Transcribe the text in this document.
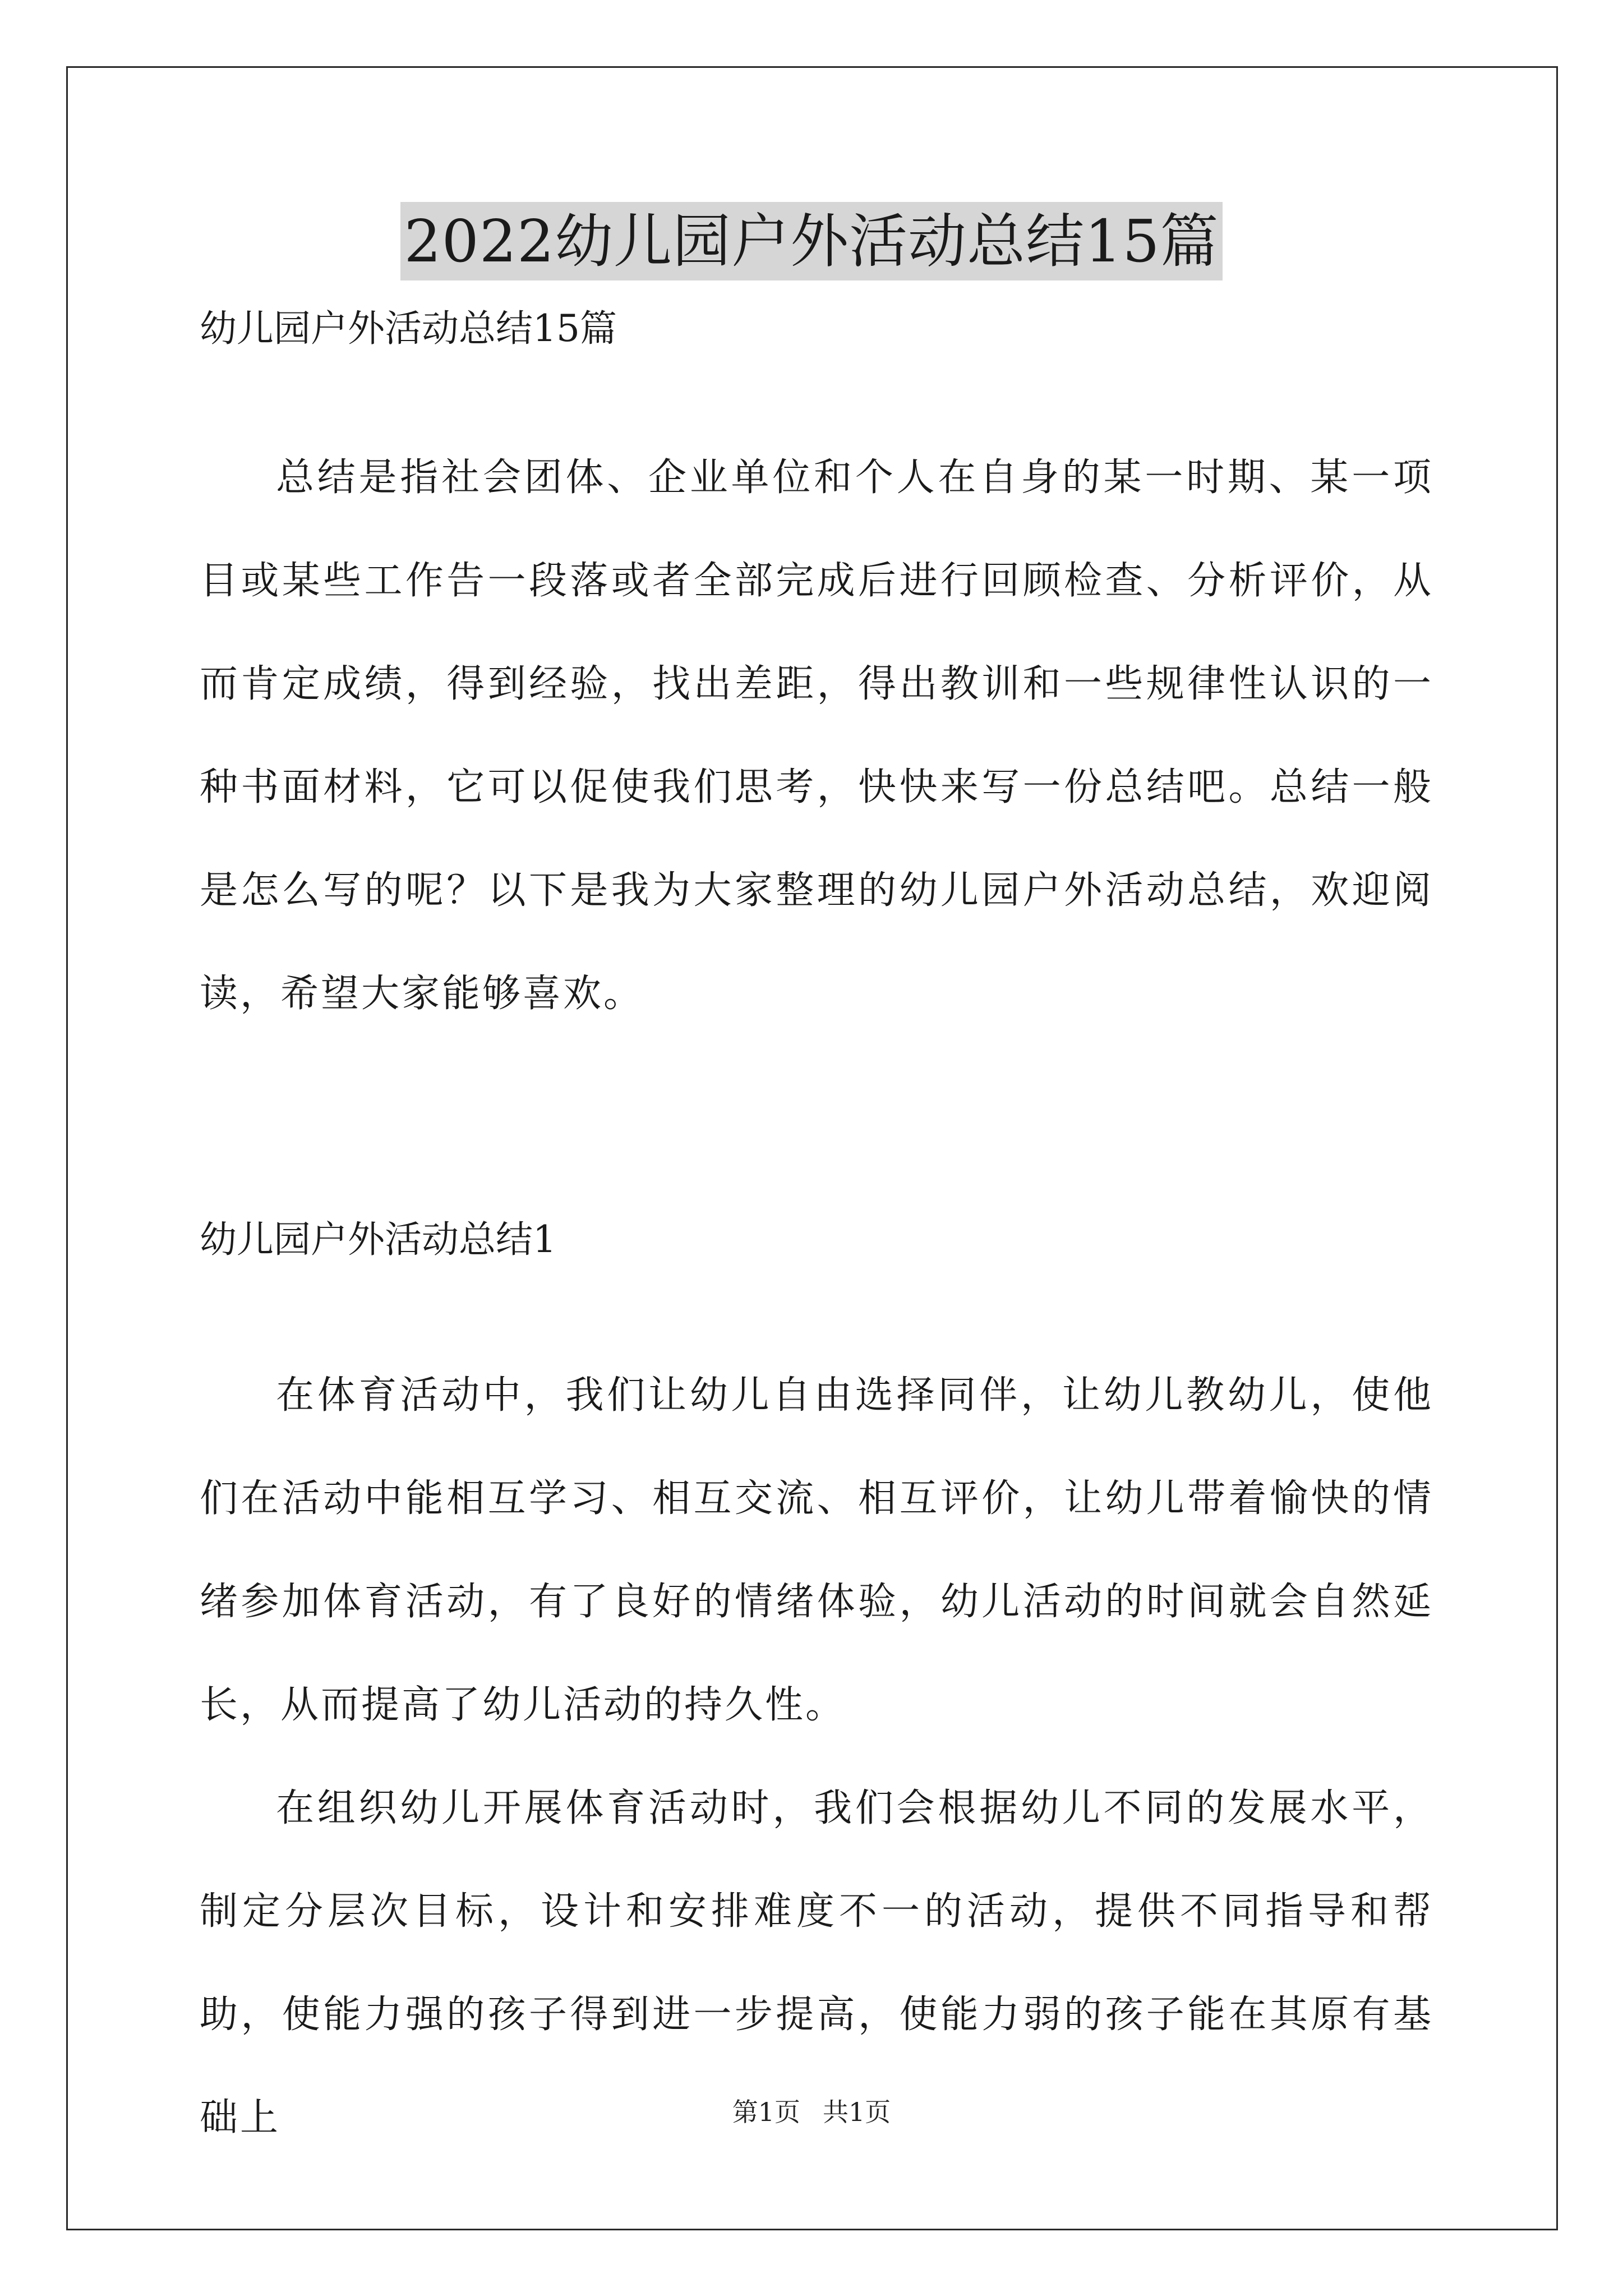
2022幼儿园户外活动总结15篇

幼儿园户外活动总结15篇

总结是指社会团体、企业单位和个人在自身的某一时期、某一项目或某些工作告一段落或者全部完成后进行回顾检查、分析评价，从而肯定成绩，得到经验，找出差距，得出教训和一些规律性认识的一种书面材料，它可以促使我们思考，快快来写一份总结吧。总结一般是怎么写的呢？以下是我为大家整理的幼儿园户外活动总结，欢迎阅读，希望大家能够喜欢。

幼儿园户外活动总结1

在体育活动中，我们让幼儿自由选择同伴，让幼儿教幼儿，使他们在活动中能相互学习、相互交流、相互评价，让幼儿带着愉快的情绪参加体育活动，有了良好的情绪体验，幼儿活动的时间就会自然延长，从而提高了幼儿活动的持久性。

在组织幼儿开展体育活动时，我们会根据幼儿不同的发展水平，制定分层次目标，设计和安排难度不一的活动，提供不同指导和帮助，使能力强的孩子得到进一步提高，使能力弱的孩子能在其原有基础上	第1页 共1页
